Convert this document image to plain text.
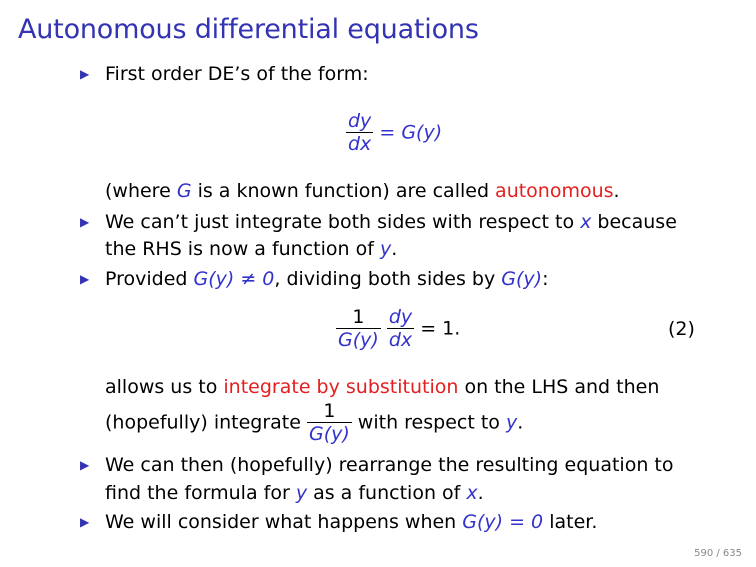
Autonomous differential equations
▶ First order DE’s of the form:
$\frac{dy}{dx} = G(y)$
(where G is a known function) are called autonomous.
▶ We can’t just integrate both sides with respect to x because
the RHS is now a function of y.
▶ Provided G(y) ≠ 0, dividing both sides by G(y):
$\frac{1}{G(y)}$
$\frac{dy}{dx} = 1$.	(2)
allows us to integrate by substitution on the LHS and then
(hopefully) integrate $\frac{1}{G(y)}$ with respect to y.
▶ We can then (hopefully) rearrange the resulting equation to
find the formula for y as a function of x.
▶ We will consider what happens when G(y) = 0 later.
590 / 635
